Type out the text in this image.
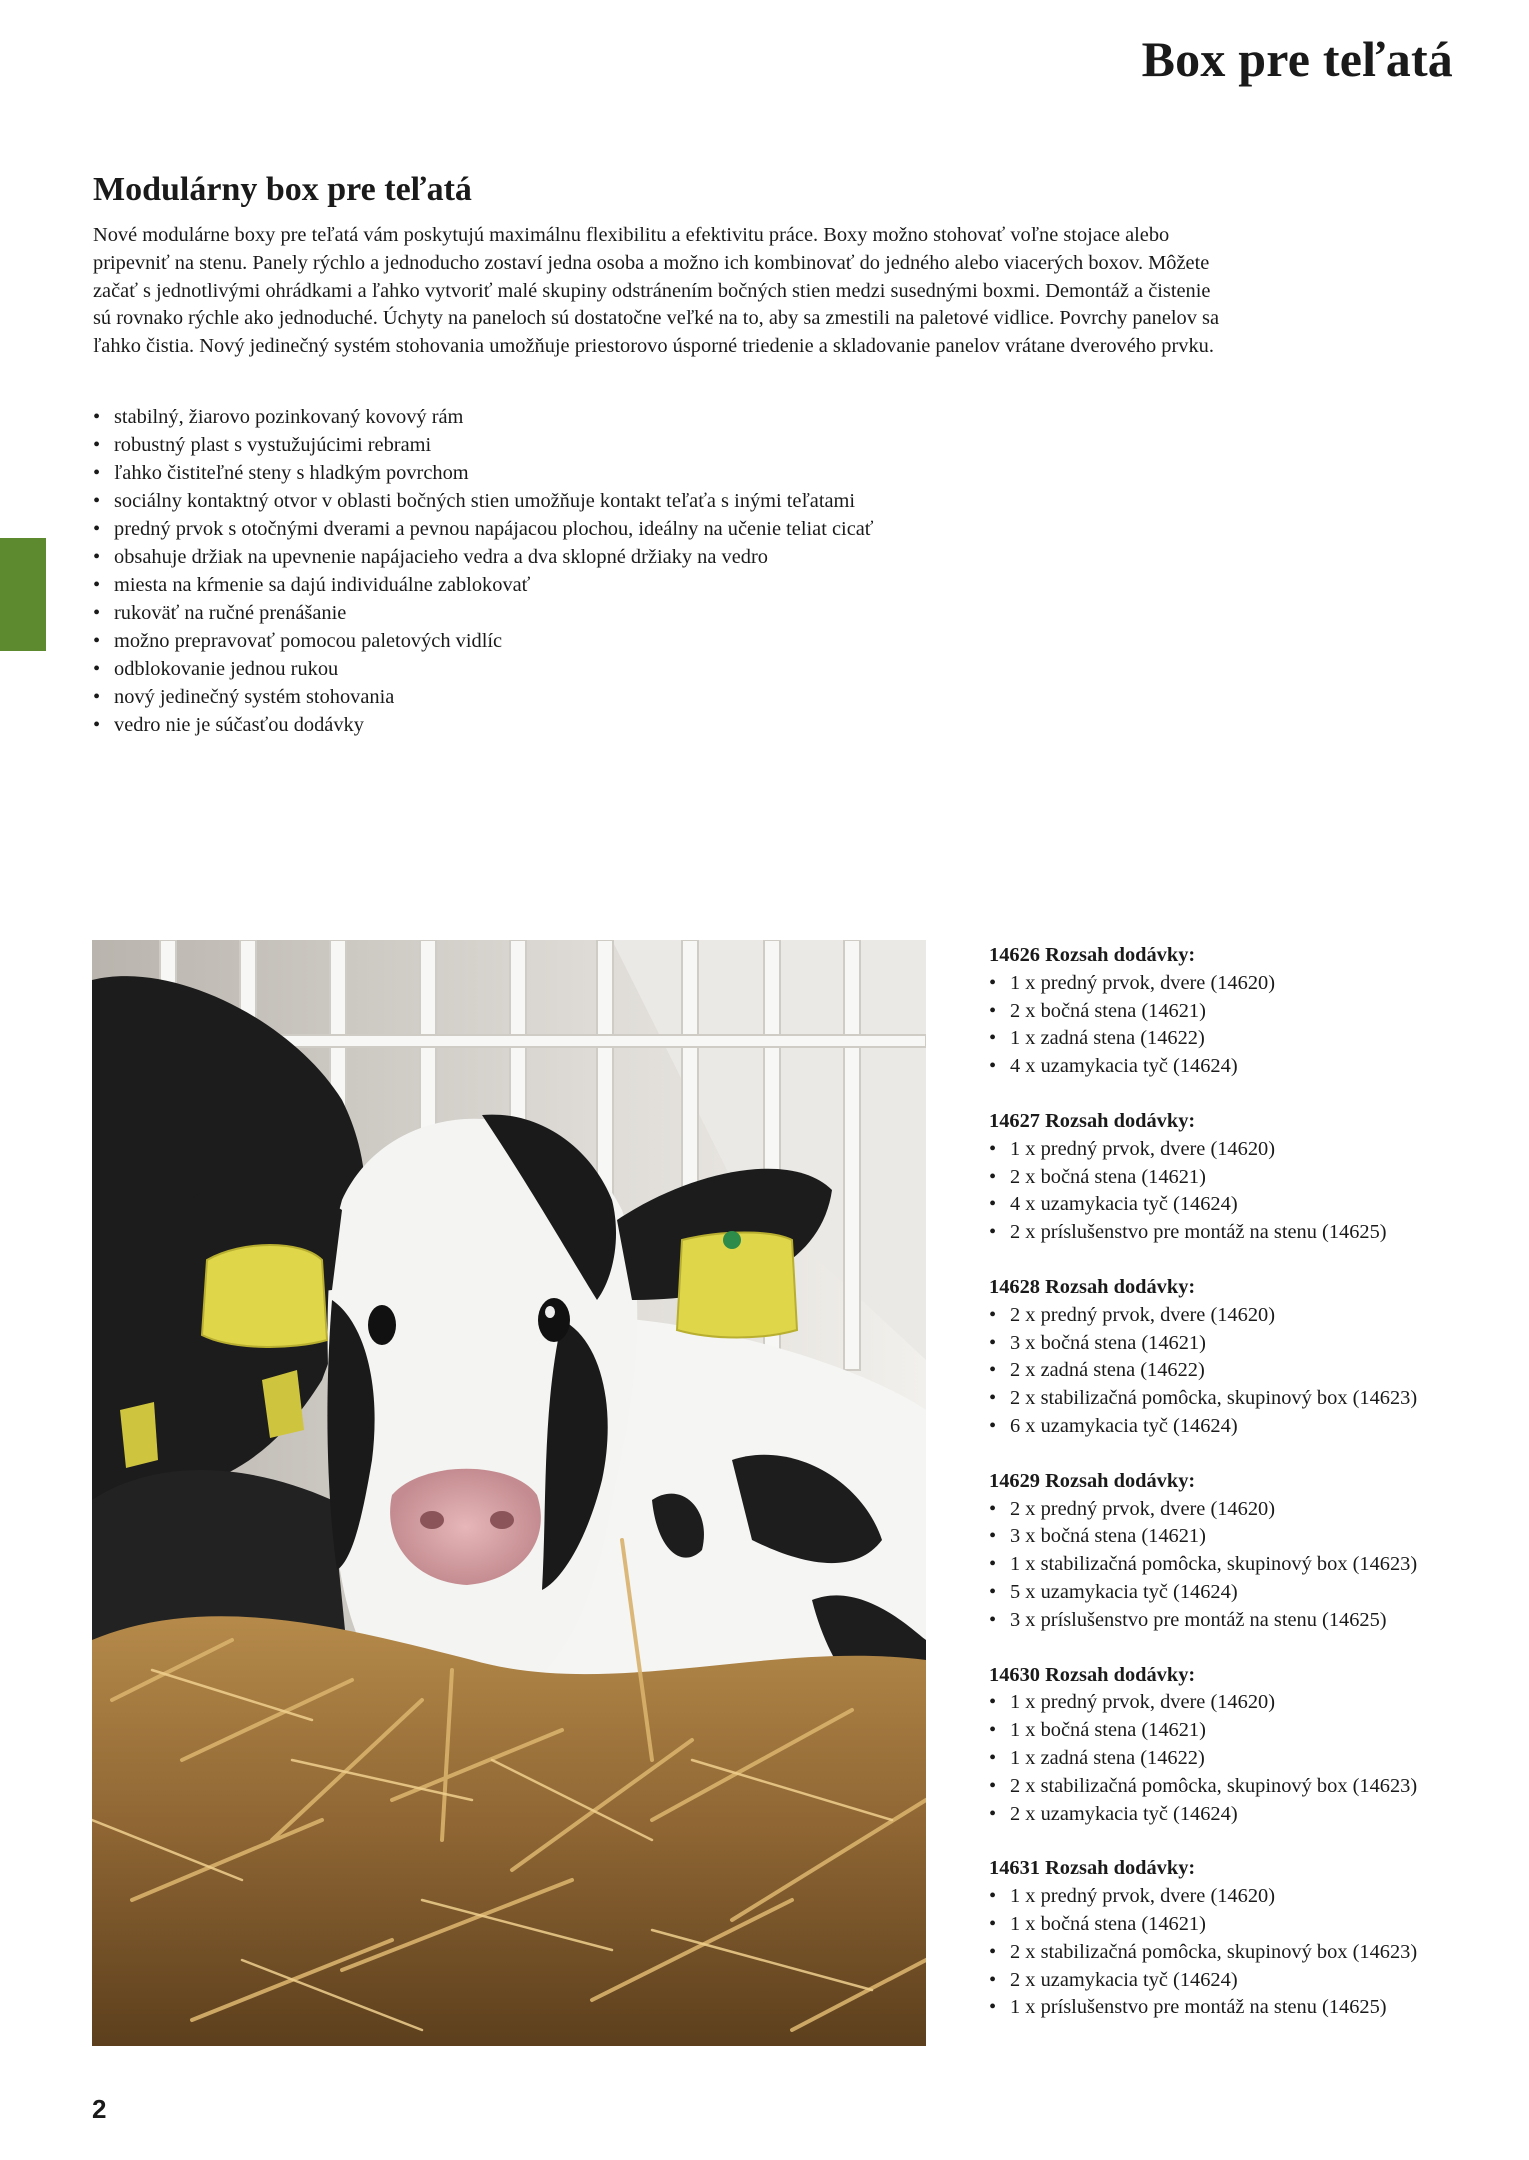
Box pre teľatá
Modulárny box pre teľatá

Nové modulárne boxy pre teľatá vám poskytujú maximálnu flexibilitu a efektivitu práce. Boxy možno stohovať voľne stojace alebo pripevniť na stenu. Panely rýchlo a jednoducho zostaví jedna osoba a možno ich kombinovať do jedného alebo viacerých boxov. Môžete začať s jednotlivými ohrádkami a ľahko vytvoriť malé skupiny odstránením bočných stien medzi susednými boxmi. Demontáž a čistenie sú rovnako rýchle ako jednoduché. Úchyty na paneloch sú dostatočne veľké na to, aby sa zmestili na paletové vidlice. Povrchy panelov sa ľahko čistia. Nový jedinečný systém stohovania umožňuje priestorovo úsporné triedenie a skladovanie panelov vrátane dverového prvku.

• stabilný, žiarovo pozinkovaný kovový rám
• robustný plast s vystužujúcimi rebrami
• ľahko čistiteľné steny s hladkým povrchom
• sociálny kontaktný otvor v oblasti bočných stien umožňuje kontakt teľaťa s inými teľatami
• predný prvok s otočnými dverami a pevnou napájacou plochou, ideálny na učenie teliat cicať
• obsahuje držiak na upevnenie napájacieho vedra a dva sklopné držiaky na vedro
• miesta na kŕmenie sa dajú individuálne zablokovať
• rukoväť na ručné prenášanie
• možno prepravovať pomocou paletových vidlíc
• odblokovanie jednou rukou
• nový jedinečný systém stohovania
• vedro nie je súčasťou dodávky
14626 Rozsah dodávky:
• 1 x predný prvok, dvere (14620)
• 2 x bočná stena (14621)
• 1 x zadná stena (14622)
• 4 x uzamykacia tyč (14624)
14627 Rozsah dodávky:
• 1 x predný prvok, dvere (14620)
• 2 x bočná stena (14621)
• 4 x uzamykacia tyč (14624)
• 2 x príslušenstvo pre montáž na stenu (14625)
14628 Rozsah dodávky:
• 2 x predný prvok, dvere (14620)
• 3 x bočná stena (14621)
• 2 x zadná stena (14622)
• 2 x stabilizačná pomôcka, skupinový box (14623)
• 6 x uzamykacia tyč (14624)
14629 Rozsah dodávky:
• 2 x predný prvok, dvere (14620)
• 3 x bočná stena (14621)
• 1 x stabilizačná pomôcka, skupinový box (14623)
• 5 x uzamykacia tyč (14624)
• 3 x príslušenstvo pre montáž na stenu (14625)
14630 Rozsah dodávky:
• 1 x predný prvok, dvere (14620)
• 1 x bočná stena (14621)
• 1 x zadná stena (14622)
• 2 x stabilizačná pomôcka, skupinový box (14623)
• 2 x uzamykacia tyč (14624)
14631 Rozsah dodávky:
• 1 x predný prvok, dvere (14620)
• 1 x bočná stena (14621)
• 2 x stabilizačná pomôcka, skupinový box (14623)
• 2 x uzamykacia tyč (14624)
• 1 x príslušenstvo pre montáž na stenu (14625)
2
